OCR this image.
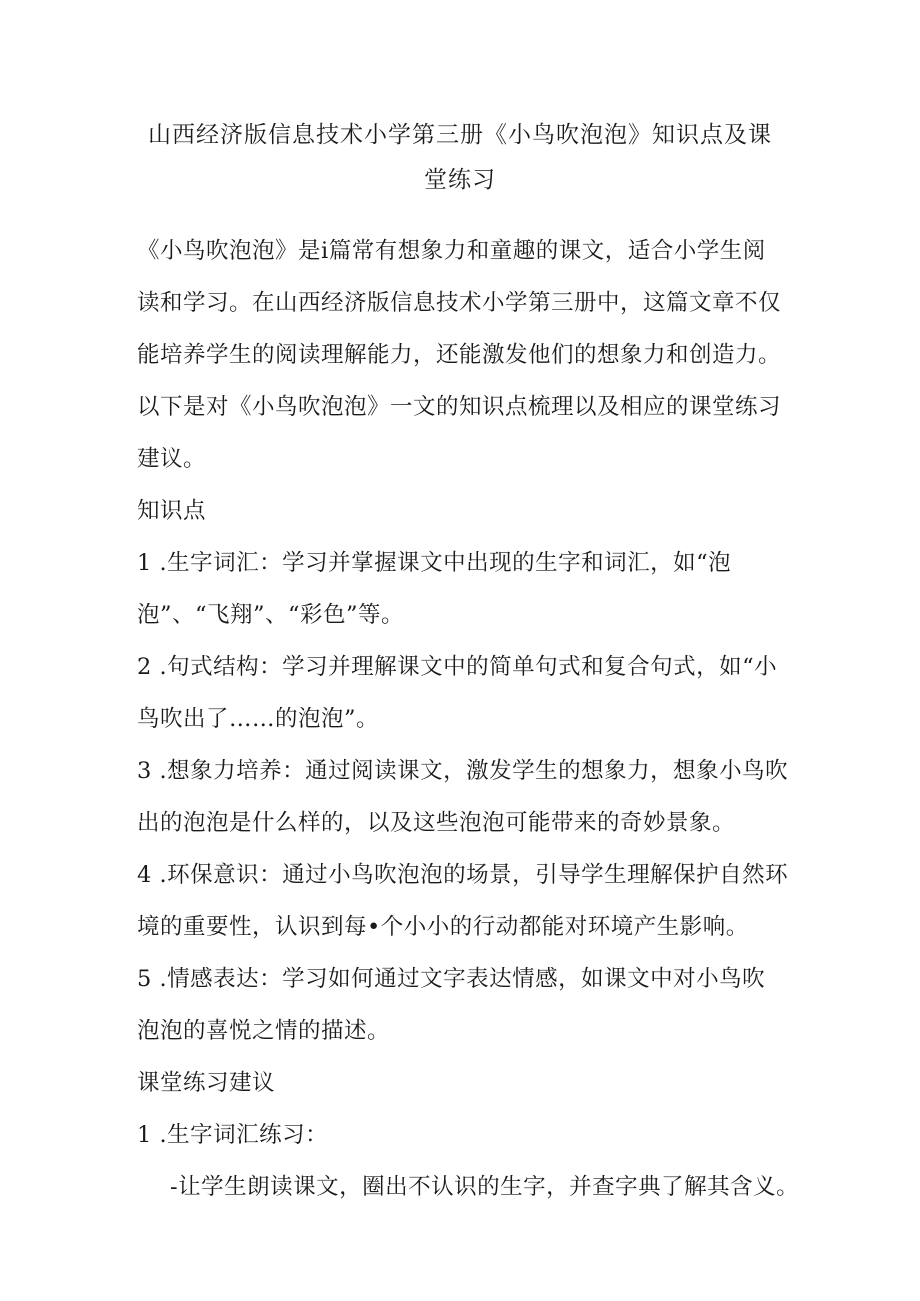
山西经济版信息技术小学第三册《小鸟吹泡泡》知识点及课
堂练习
《小鸟吹泡泡》是i篇常有想象力和童趣的课文，适合小学生阅
读和学习。在山西经济版信息技术小学第三册中，这篇文章不仅
能培养学生的阅读理解能力，还能激发他们的想象力和创造力。
以下是对《小鸟吹泡泡》一文的知识点梳理以及相应的课堂练习
建议。
知识点
1 .生字词汇：学习并掌握课文中出现的生字和词汇，如“泡
泡”、“飞翔”、“彩色”等。
2 .句式结构：学习并理解课文中的简单句式和复合句式，如“小
鸟吹出了……的泡泡”。
3 .想象力培养：通过阅读课文，激发学生的想象力，想象小鸟吹
出的泡泡是什么样的，以及这些泡泡可能带来的奇妙景象。
4 .环保意识：通过小鸟吹泡泡的场景，引导学生理解保护自然环
境的重要性，认识到每•个小小的行动都能对环境产生影响。
5 .情感表达：学习如何通过文字表达情感，如课文中对小鸟吹
泡泡的喜悦之情的描述。
课堂练习建议
1 .生字词汇练习：
-让学生朗读课文，圈出不认识的生字，并查字典了解其含义。
